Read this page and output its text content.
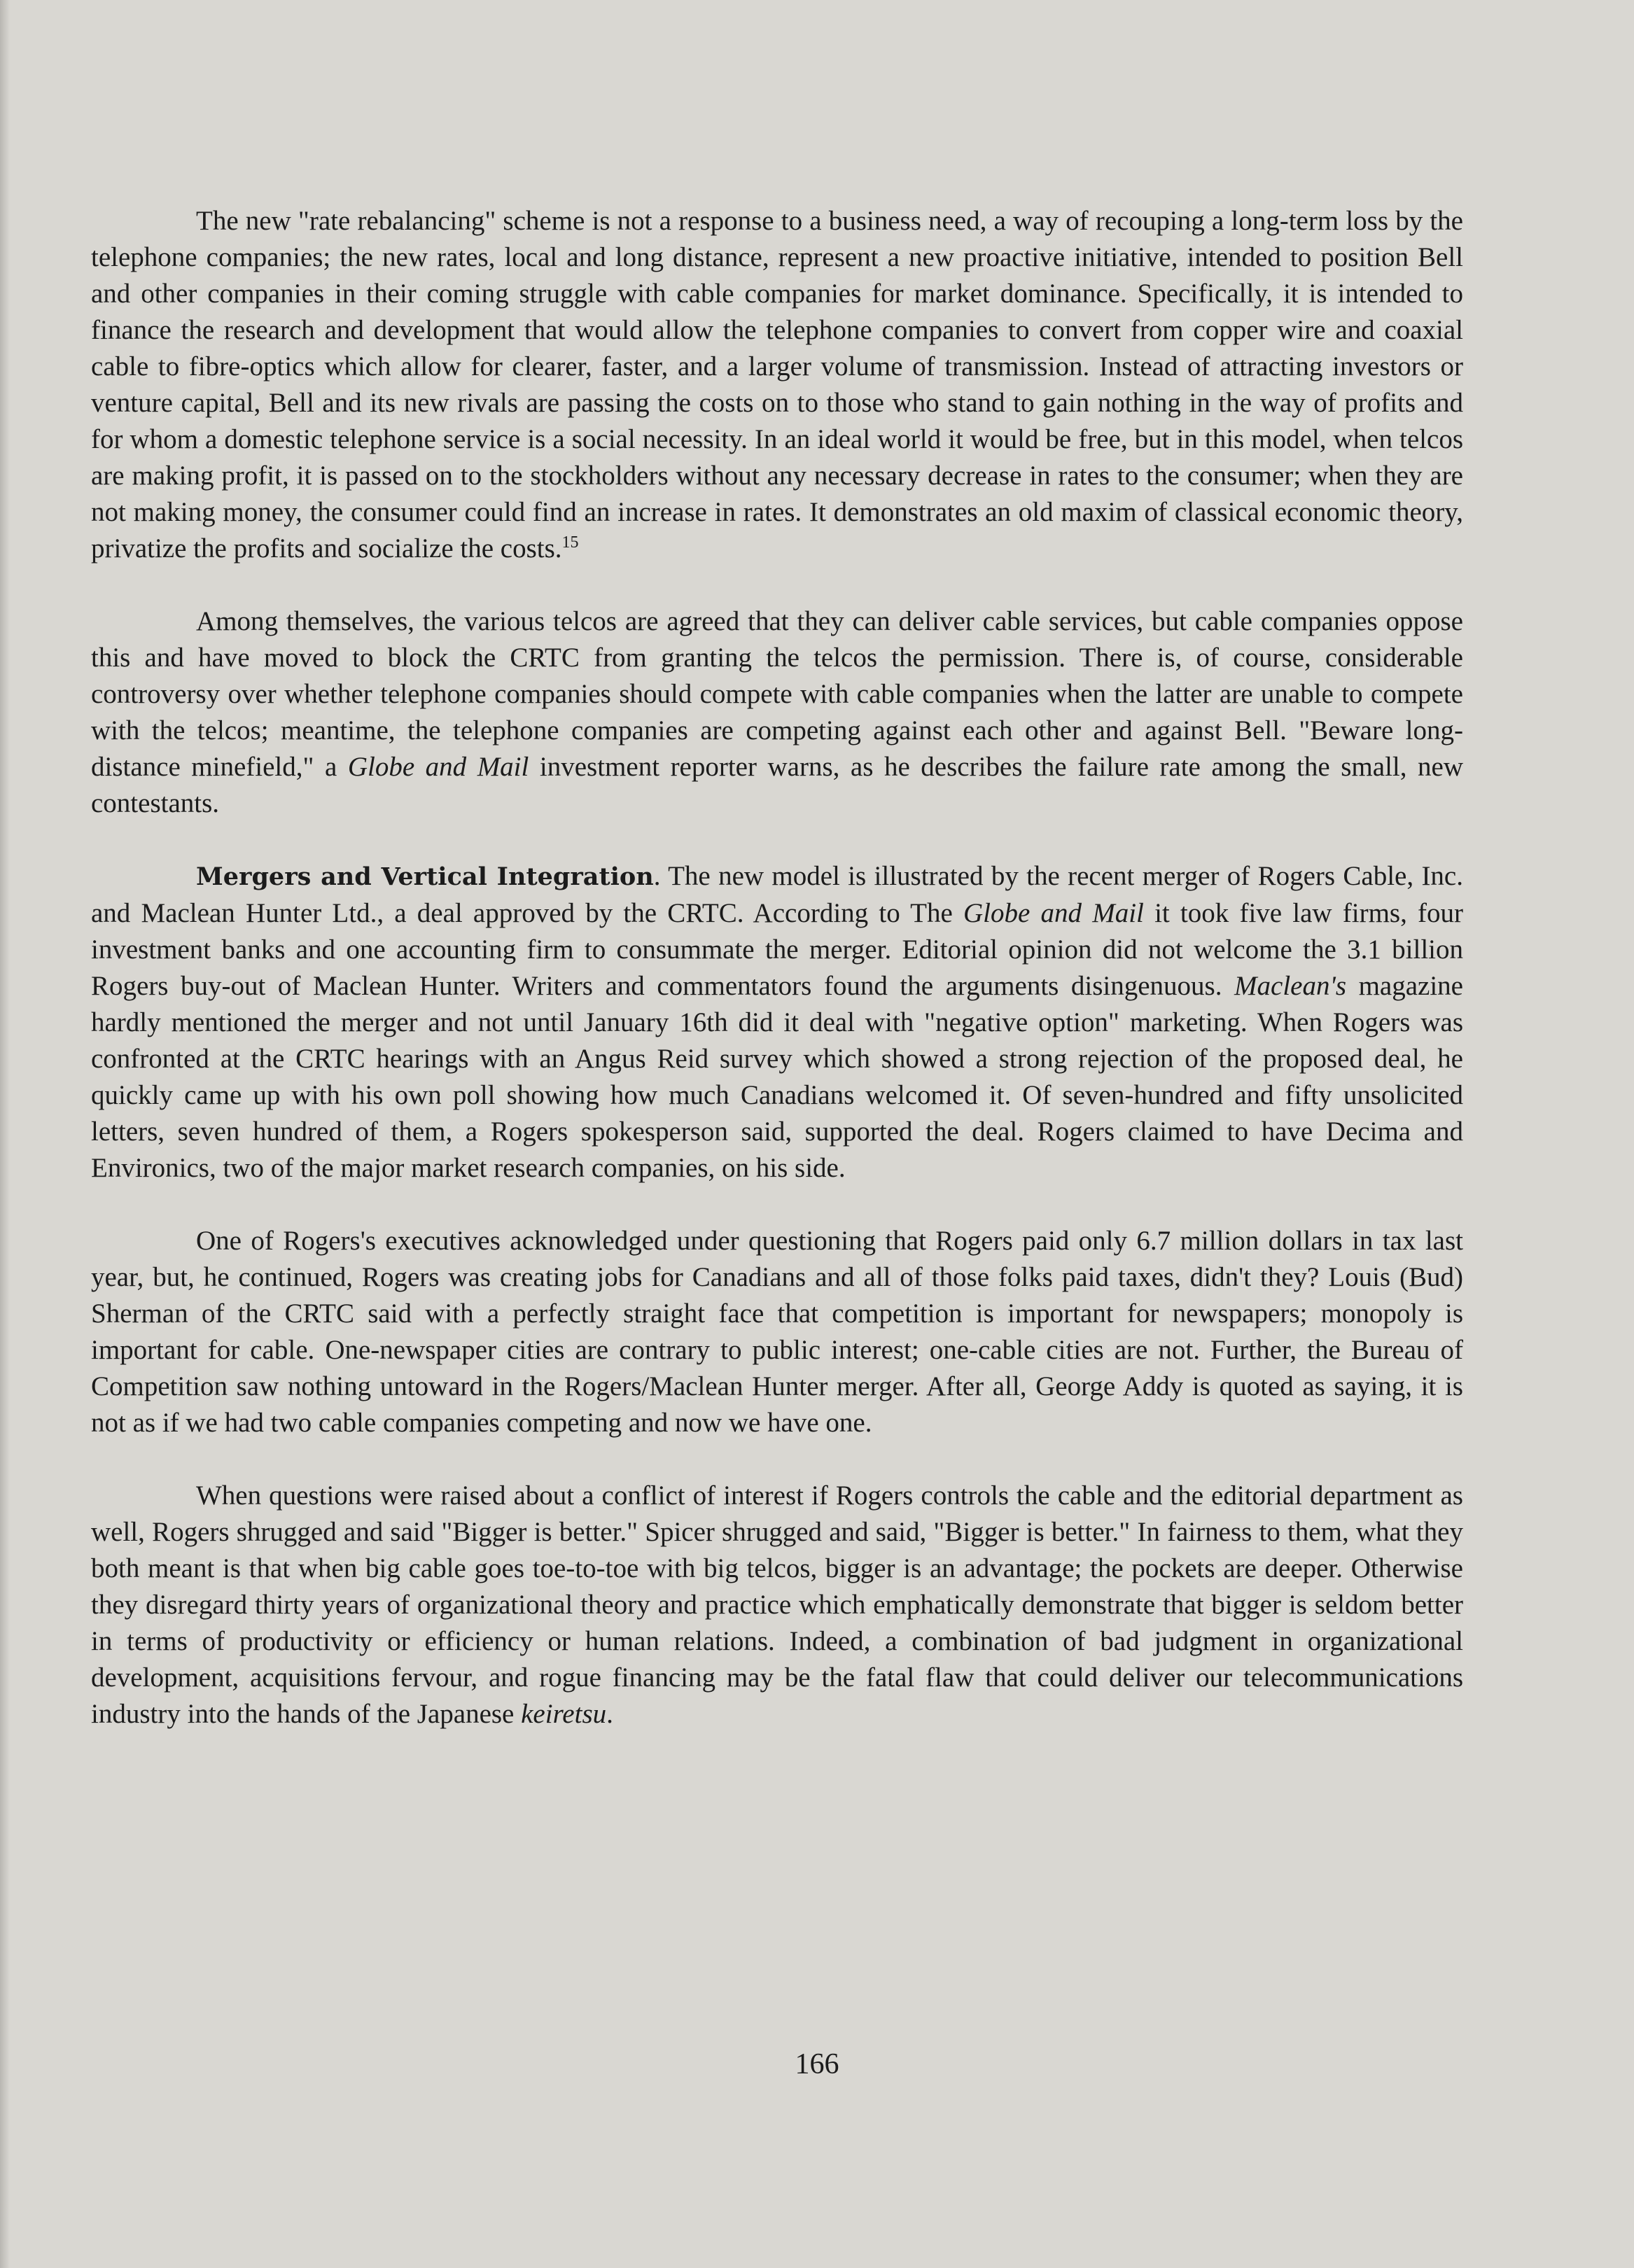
The new "rate rebalancing" scheme is not a response to a business need, a way of recouping a long-term loss by the telephone companies; the new rates, local and long distance, represent a new proactive initiative, intended to position Bell and other companies in their coming struggle with cable companies for market dominance. Specifically, it is intended to finance the research and development that would allow the telephone companies to convert from copper wire and coaxial cable to fibre-optics which allow for clearer, faster, and a larger volume of transmission. Instead of attracting investors or venture capital, Bell and its new rivals are passing the costs on to those who stand to gain nothing in the way of profits and for whom a domestic telephone service is a social necessity. In an ideal world it would be free, but in this model, when telcos are making profit, it is passed on to the stockholders without any necessary decrease in rates to the consumer; when they are not making money, the consumer could find an increase in rates. It demonstrates an old maxim of classical economic theory, privatize the profits and socialize the costs.$^{15}$

Among themselves, the various telcos are agreed that they can deliver cable services, but cable companies oppose this and have moved to block the CRTC from granting the telcos the permission. There is, of course, considerable controversy over whether telephone companies should compete with cable companies when the latter are unable to compete with the telcos; meantime, the telephone companies are competing against each other and against Bell. "Beware long-distance minefield," a Globe and Mail investment reporter warns, as he describes the failure rate among the small, new contestants.

Mergers and Vertical Integration. The new model is illustrated by the recent merger of Rogers Cable, Inc. and Maclean Hunter Ltd., a deal approved by the CRTC. According to The Globe and Mail it took five law firms, four investment banks and one accounting firm to consummate the merger. Editorial opinion did not welcome the 3.1 billion Rogers buy-out of Maclean Hunter. Writers and commentators found the arguments disingenuous. Maclean's magazine hardly mentioned the merger and not until January 16th did it deal with "negative option" marketing. When Rogers was confronted at the CRTC hearings with an Angus Reid survey which showed a strong rejection of the proposed deal, he quickly came up with his own poll showing how much Canadians welcomed it. Of seven-hundred and fifty unsolicited letters, seven hundred of them, a Rogers spokesperson said, supported the deal. Rogers claimed to have Decima and Environics, two of the major market research companies, on his side.

One of Rogers's executives acknowledged under questioning that Rogers paid only 6.7 million dollars in tax last year, but, he continued, Rogers was creating jobs for Canadians and all of those folks paid taxes, didn't they? Louis (Bud) Sherman of the CRTC said with a perfectly straight face that competition is important for newspapers; monopoly is important for cable. One-newspaper cities are contrary to public interest; one-cable cities are not. Further, the Bureau of Competition saw nothing untoward in the Rogers/Maclean Hunter merger. After all, George Addy is quoted as saying, it is not as if we had two cable companies competing and now we have one.

When questions were raised about a conflict of interest if Rogers controls the cable and the editorial department as well, Rogers shrugged and said "Bigger is better." Spicer shrugged and said, "Bigger is better." In fairness to them, what they both meant is that when big cable goes toe-to-toe with big telcos, bigger is an advantage; the pockets are deeper. Otherwise they disregard thirty years of organizational theory and practice which emphatically demonstrate that bigger is seldom better in terms of productivity or efficiency or human relations. Indeed, a combination of bad judgment in organizational development, acquisitions fervour, and rogue financing may be the fatal flaw that could deliver our telecommunications industry into the hands of the Japanese keiretsu.

166
